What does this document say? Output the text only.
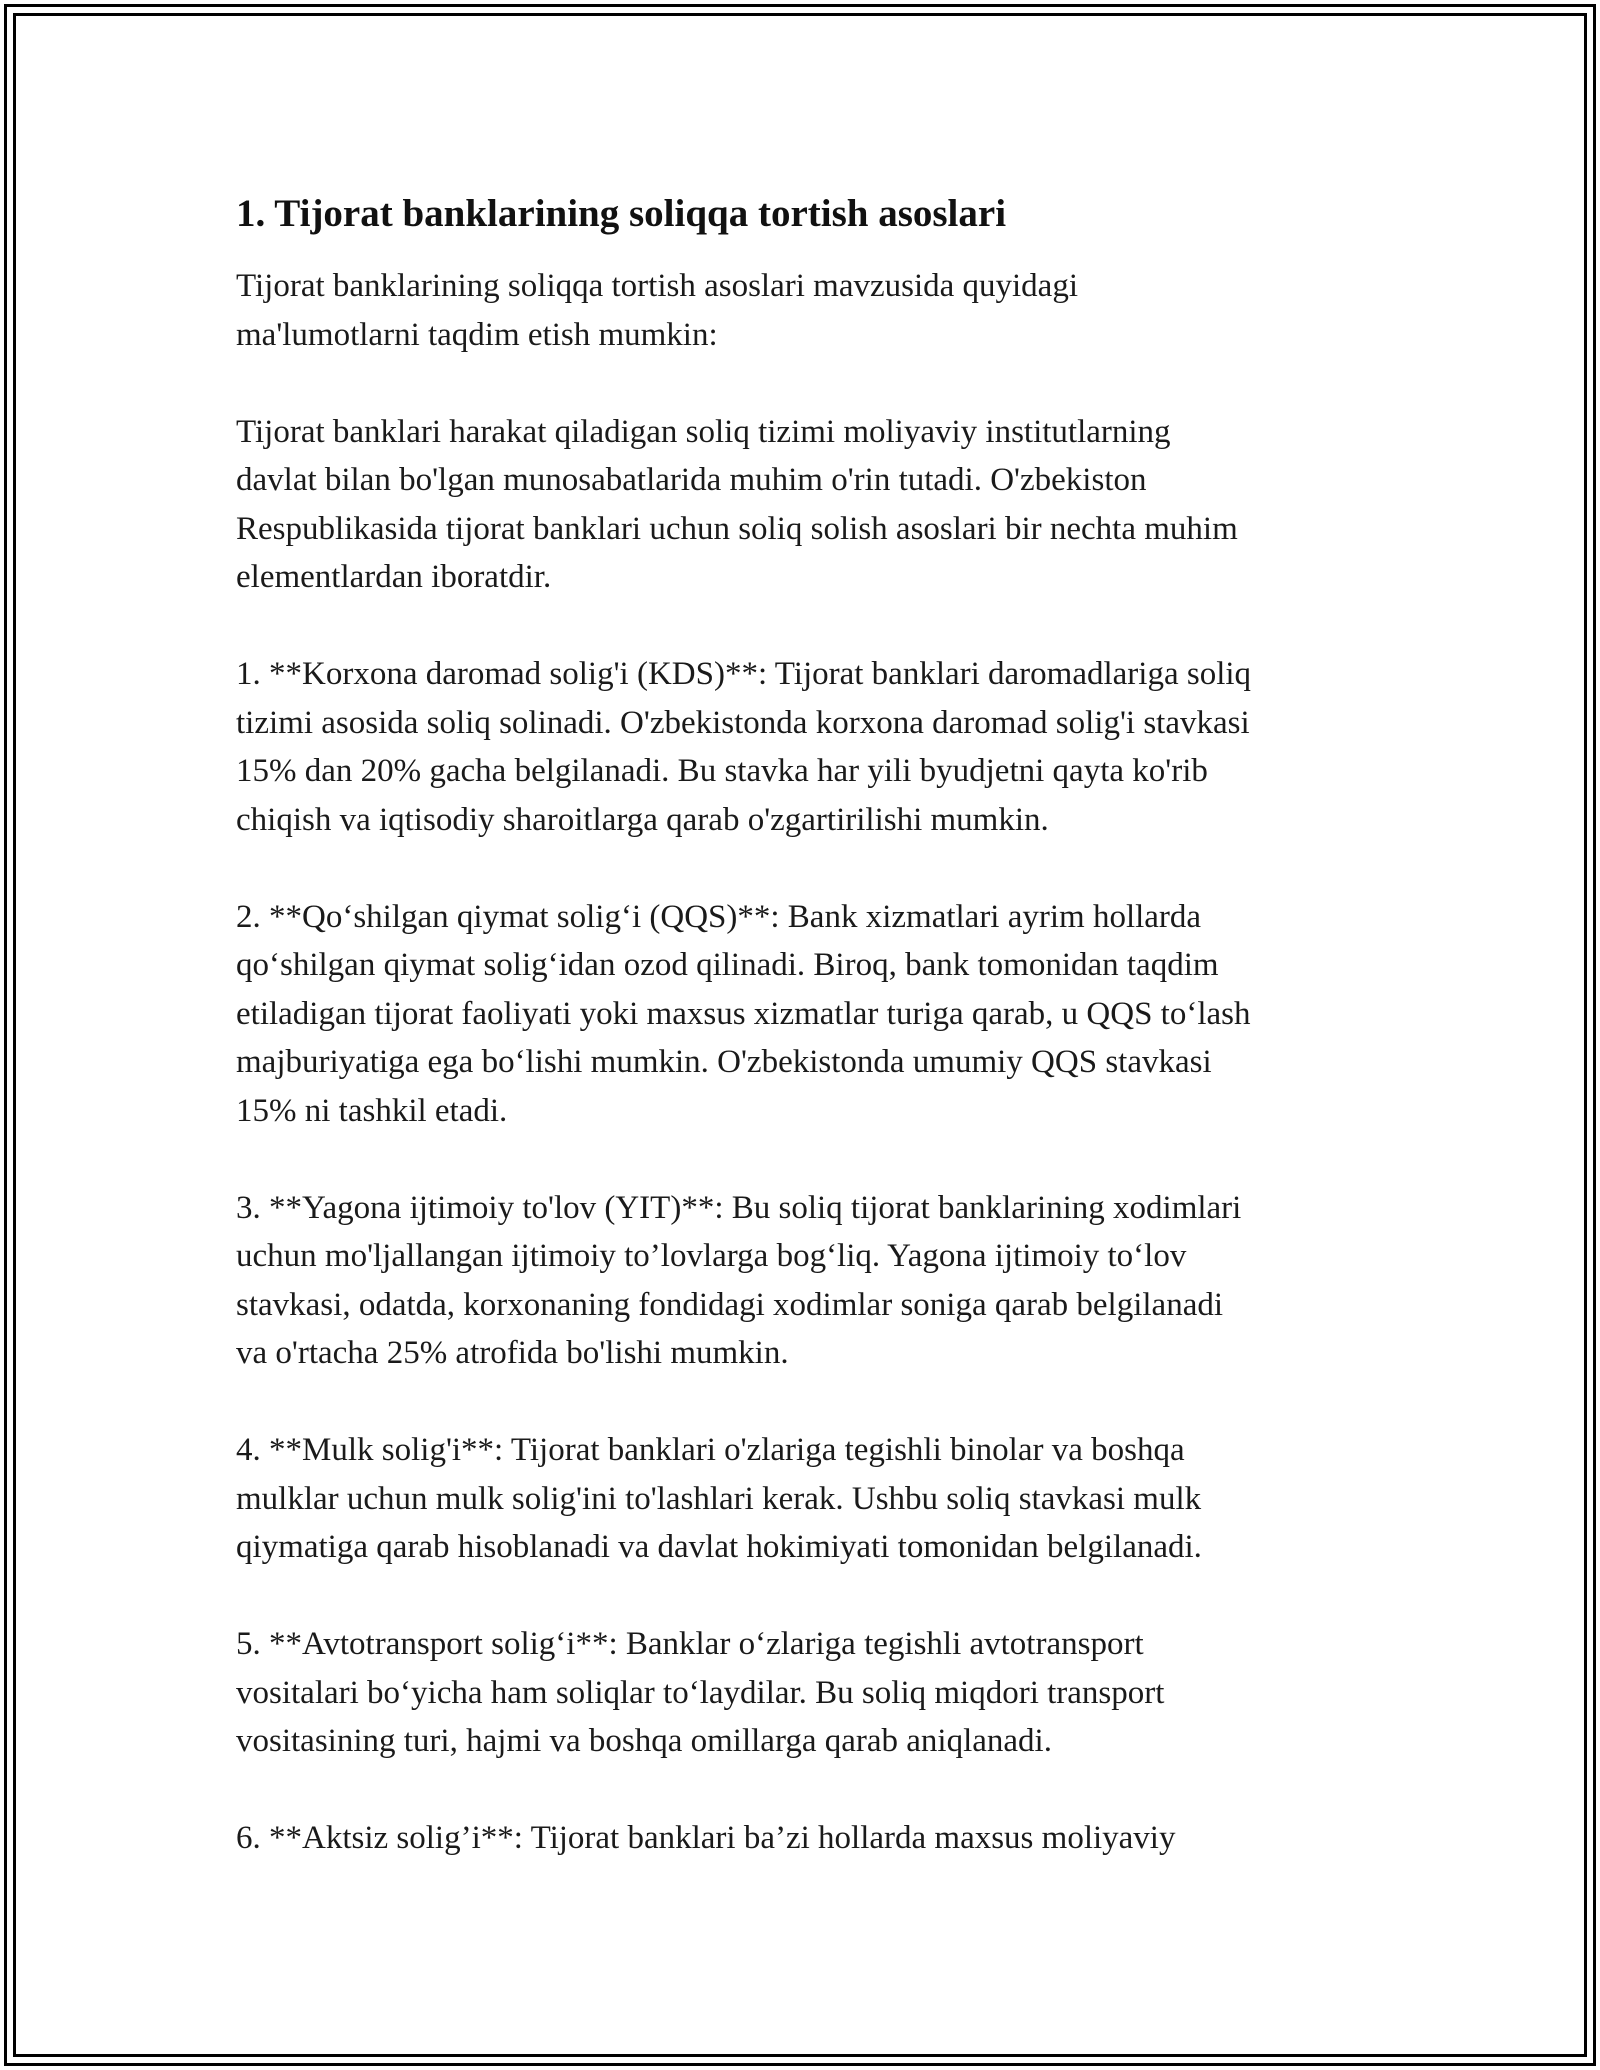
1. Tijorat banklarining soliqqa tortish asoslari

Tijorat banklarining soliqqa tortish asoslari mavzusida quyidagi
ma'lumotlarni taqdim etish mumkin:

Tijorat banklari harakat qiladigan soliq tizimi moliyaviy institutlarning
davlat bilan bo'lgan munosabatlarida muhim o'rin tutadi. O'zbekiston
Respublikasida tijorat banklari uchun soliq solish asoslari bir nechta muhim
elementlardan iboratdir.

1. **Korxona daromad solig'i (KDS)**: Tijorat banklari daromadlariga soliq
tizimi asosida soliq solinadi. O'zbekistonda korxona daromad solig'i stavkasi
15% dan 20% gacha belgilanadi. Bu stavka har yili byudjetni qayta ko'rib
chiqish va iqtisodiy sharoitlarga qarab o'zgartirilishi mumkin.

2. **Qo‘shilgan qiymat solig‘i (QQS)**: Bank xizmatlari ayrim hollarda
qo‘shilgan qiymat solig‘idan ozod qilinadi. Biroq, bank tomonidan taqdim
etiladigan tijorat faoliyati yoki maxsus xizmatlar turiga qarab, u QQS to‘lash
majburiyatiga ega bo‘lishi mumkin. O'zbekistonda umumiy QQS stavkasi
15% ni tashkil etadi.

3. **Yagona ijtimoiy to'lov (YIT)**: Bu soliq tijorat banklarining xodimlari
uchun mo'ljallangan ijtimoiy to’lovlarga bog‘liq. Yagona ijtimoiy to‘lov
stavkasi, odatda, korxonaning fondidagi xodimlar soniga qarab belgilanadi
va o'rtacha 25% atrofida bo'lishi mumkin.

4. **Mulk solig'i**: Tijorat banklari o'zlariga tegishli binolar va boshqa
mulklar uchun mulk solig'ini to'lashlari kerak. Ushbu soliq stavkasi mulk
qiymatiga qarab hisoblanadi va davlat hokimiyati tomonidan belgilanadi.

5. **Avtotransport solig‘i**: Banklar o‘zlariga tegishli avtotransport
vositalari bo‘yicha ham soliqlar to‘laydilar. Bu soliq miqdori transport
vositasining turi, hajmi va boshqa omillarga qarab aniqlanadi.

6. **Aktsiz solig’i**: Tijorat banklari ba’zi hollarda maxsus moliyaviy
